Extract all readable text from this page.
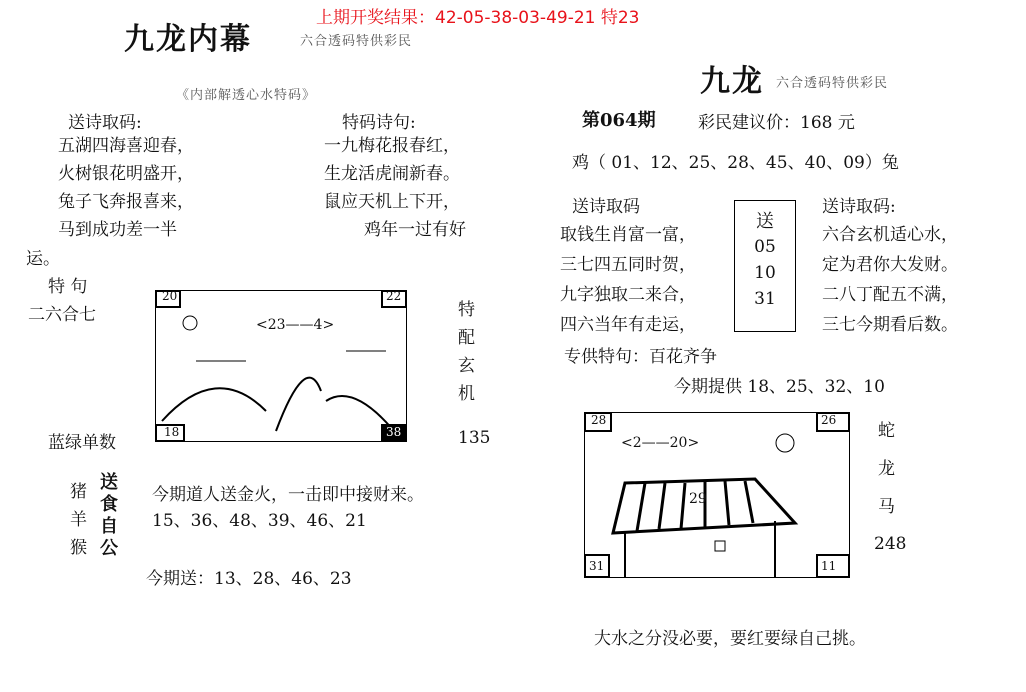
上期开奖结果：42-05-38-03-49-21 特23
九龙内幕	六合透码特供彩民
《内部解透心水特码》
送诗取码:
五湖四海喜迎春，
火树银花明盛开，
兔子飞奔报喜来，
马到成功差一半
特码诗句:
一九梅花报春红，
生龙活虎闹新春。
鼠应天机上下开，
鸡年一过有好
运。
特 句
二六合七
蓝绿单数
20	22
18	38
<23——4>
特
配
玄
机
135
猪
羊
猴
送
食
自
公
今期道人送金火，一击即中接财来。
15、36、48、39、46、21
今期送：13、28、46、23
九龙 六合透码特供彩民
第064期 彩民建议价：168 元
鸡（ 01、12、25、28、45、40、09）兔
送诗取码
取钱生肖富一富，
三七四五同时贺，
九字独取二来合，
四六当年有走运，
送
05
10
31
送诗取码:
六合玄机适心水，
定为君你大发财。
二八丁配五不满，
三七今期看后数。
专供特句：百花齐争
今期提供 18、25、32、10
28	26
31	11
<2——20>
29
蛇
龙
马
248
大水之分没必要，要红要绿自己挑。
